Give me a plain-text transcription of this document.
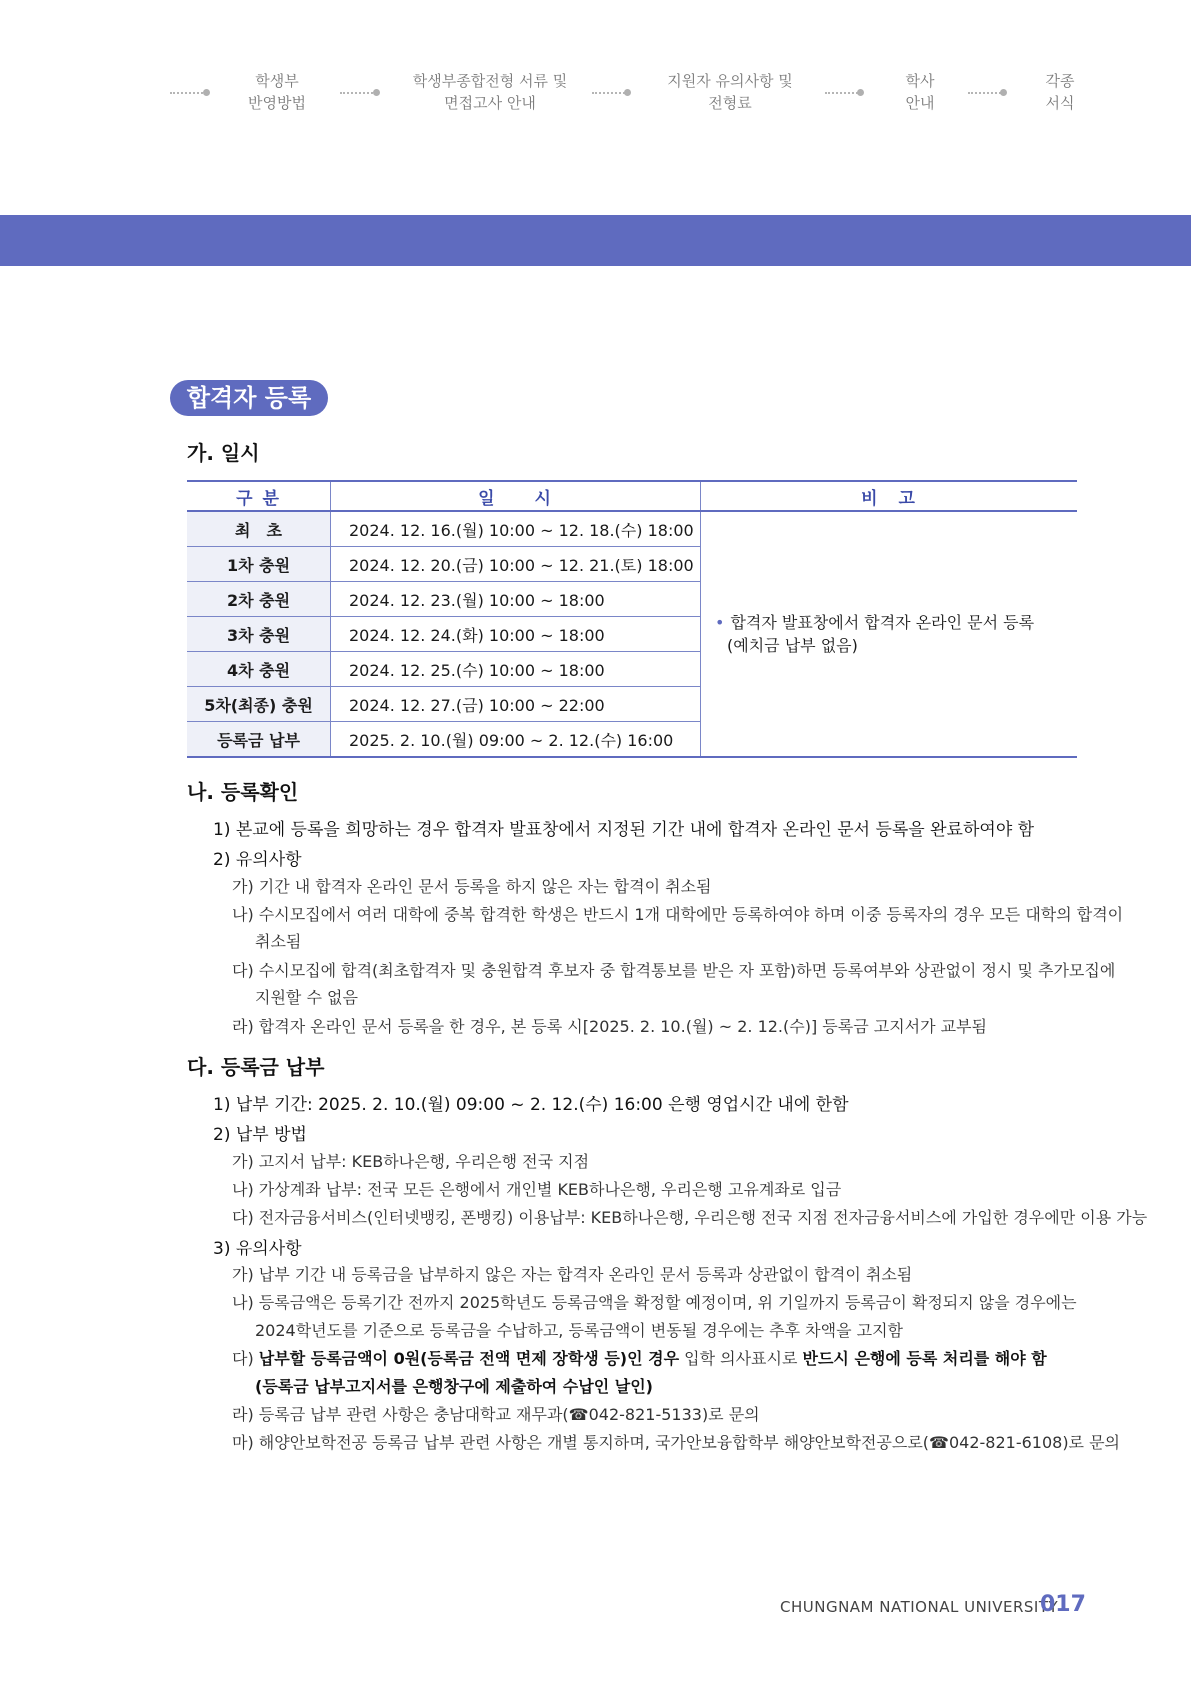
학생부
반영방법
학생부종합전형 서류 및
면접고사 안내
지원자 유의사항 및
전형료
학사
안내
각종
서식
합격자 등록
가. 일시
구 분	일　　시	비　고
최　초	2024. 12. 16.(월) 10:00 ~ 12. 18.(수) 18:00	• 합격자 발표창에서 합격자 온라인 문서 등록
(예치금 납부 없음)
1차 충원	2024. 12. 20.(금) 10:00 ~ 12. 21.(토) 18:00	
2차 충원	2024. 12. 23.(월) 10:00 ~ 18:00	
3차 충원	2024. 12. 24.(화) 10:00 ~ 18:00	
4차 충원	2024. 12. 25.(수) 10:00 ~ 18:00	
5차(최종) 충원	2024. 12. 27.(금) 10:00 ~ 22:00	
등록금 납부	2025. 2. 10.(월) 09:00 ~ 2. 12.(수) 16:00	
나. 등록확인
1) 본교에 등록을 희망하는 경우 합격자 발표창에서 지정된 기간 내에 합격자 온라인 문서 등록을 완료하여야 함
2) 유의사항
가) 기간 내 합격자 온라인 문서 등록을 하지 않은 자는 합격이 취소됨
나) 수시모집에서 여러 대학에 중복 합격한 학생은 반드시 1개 대학에만 등록하여야 하며 이중 등록자의 경우 모든 대학의 합격이
취소됨
다) 수시모집에 합격(최초합격자 및 충원합격 후보자 중 합격통보를 받은 자 포함)하면 등록여부와 상관없이 정시 및 추가모집에
지원할 수 없음
라) 합격자 온라인 문서 등록을 한 경우, 본 등록 시[2025. 2. 10.(월) ~ 2. 12.(수)] 등록금 고지서가 교부됨
다. 등록금 납부
1) 납부 기간: 2025. 2. 10.(월) 09:00 ~ 2. 12.(수) 16:00 은행 영업시간 내에 한함
2) 납부 방법
가) 고지서 납부: KEB하나은행, 우리은행 전국 지점
나) 가상계좌 납부: 전국 모든 은행에서 개인별 KEB하나은행, 우리은행 고유계좌로 입금
다) 전자금융서비스(인터넷뱅킹, 폰뱅킹) 이용납부: KEB하나은행, 우리은행 전국 지점 전자금융서비스에 가입한 경우에만 이용 가능
3) 유의사항
가) 납부 기간 내 등록금을 납부하지 않은 자는 합격자 온라인 문서 등록과 상관없이 합격이 취소됨
나) 등록금액은 등록기간 전까지 2025학년도 등록금액을 확정할 예정이며, 위 기일까지 등록금이 확정되지 않을 경우에는
2024학년도를 기준으로 등록금을 수납하고, 등록금액이 변동될 경우에는 추후 차액을 고지함
다) 납부할 등록금액이 0원(등록금 전액 면제 장학생 등)인 경우 입학 의사표시로 반드시 은행에 등록 처리를 해야 함
(등록금 납부고지서를 은행창구에 제출하여 수납인 날인)
라) 등록금 납부 관련 사항은 충남대학교 재무과(☎042-821-5133)로 문의
마) 해양안보학전공 등록금 납부 관련 사항은 개별 통지하며, 국가안보융합학부 해양안보학전공으로(☎042-821-6108)로 문의
CHUNGNAM NATIONAL UNIVERSITY
017
